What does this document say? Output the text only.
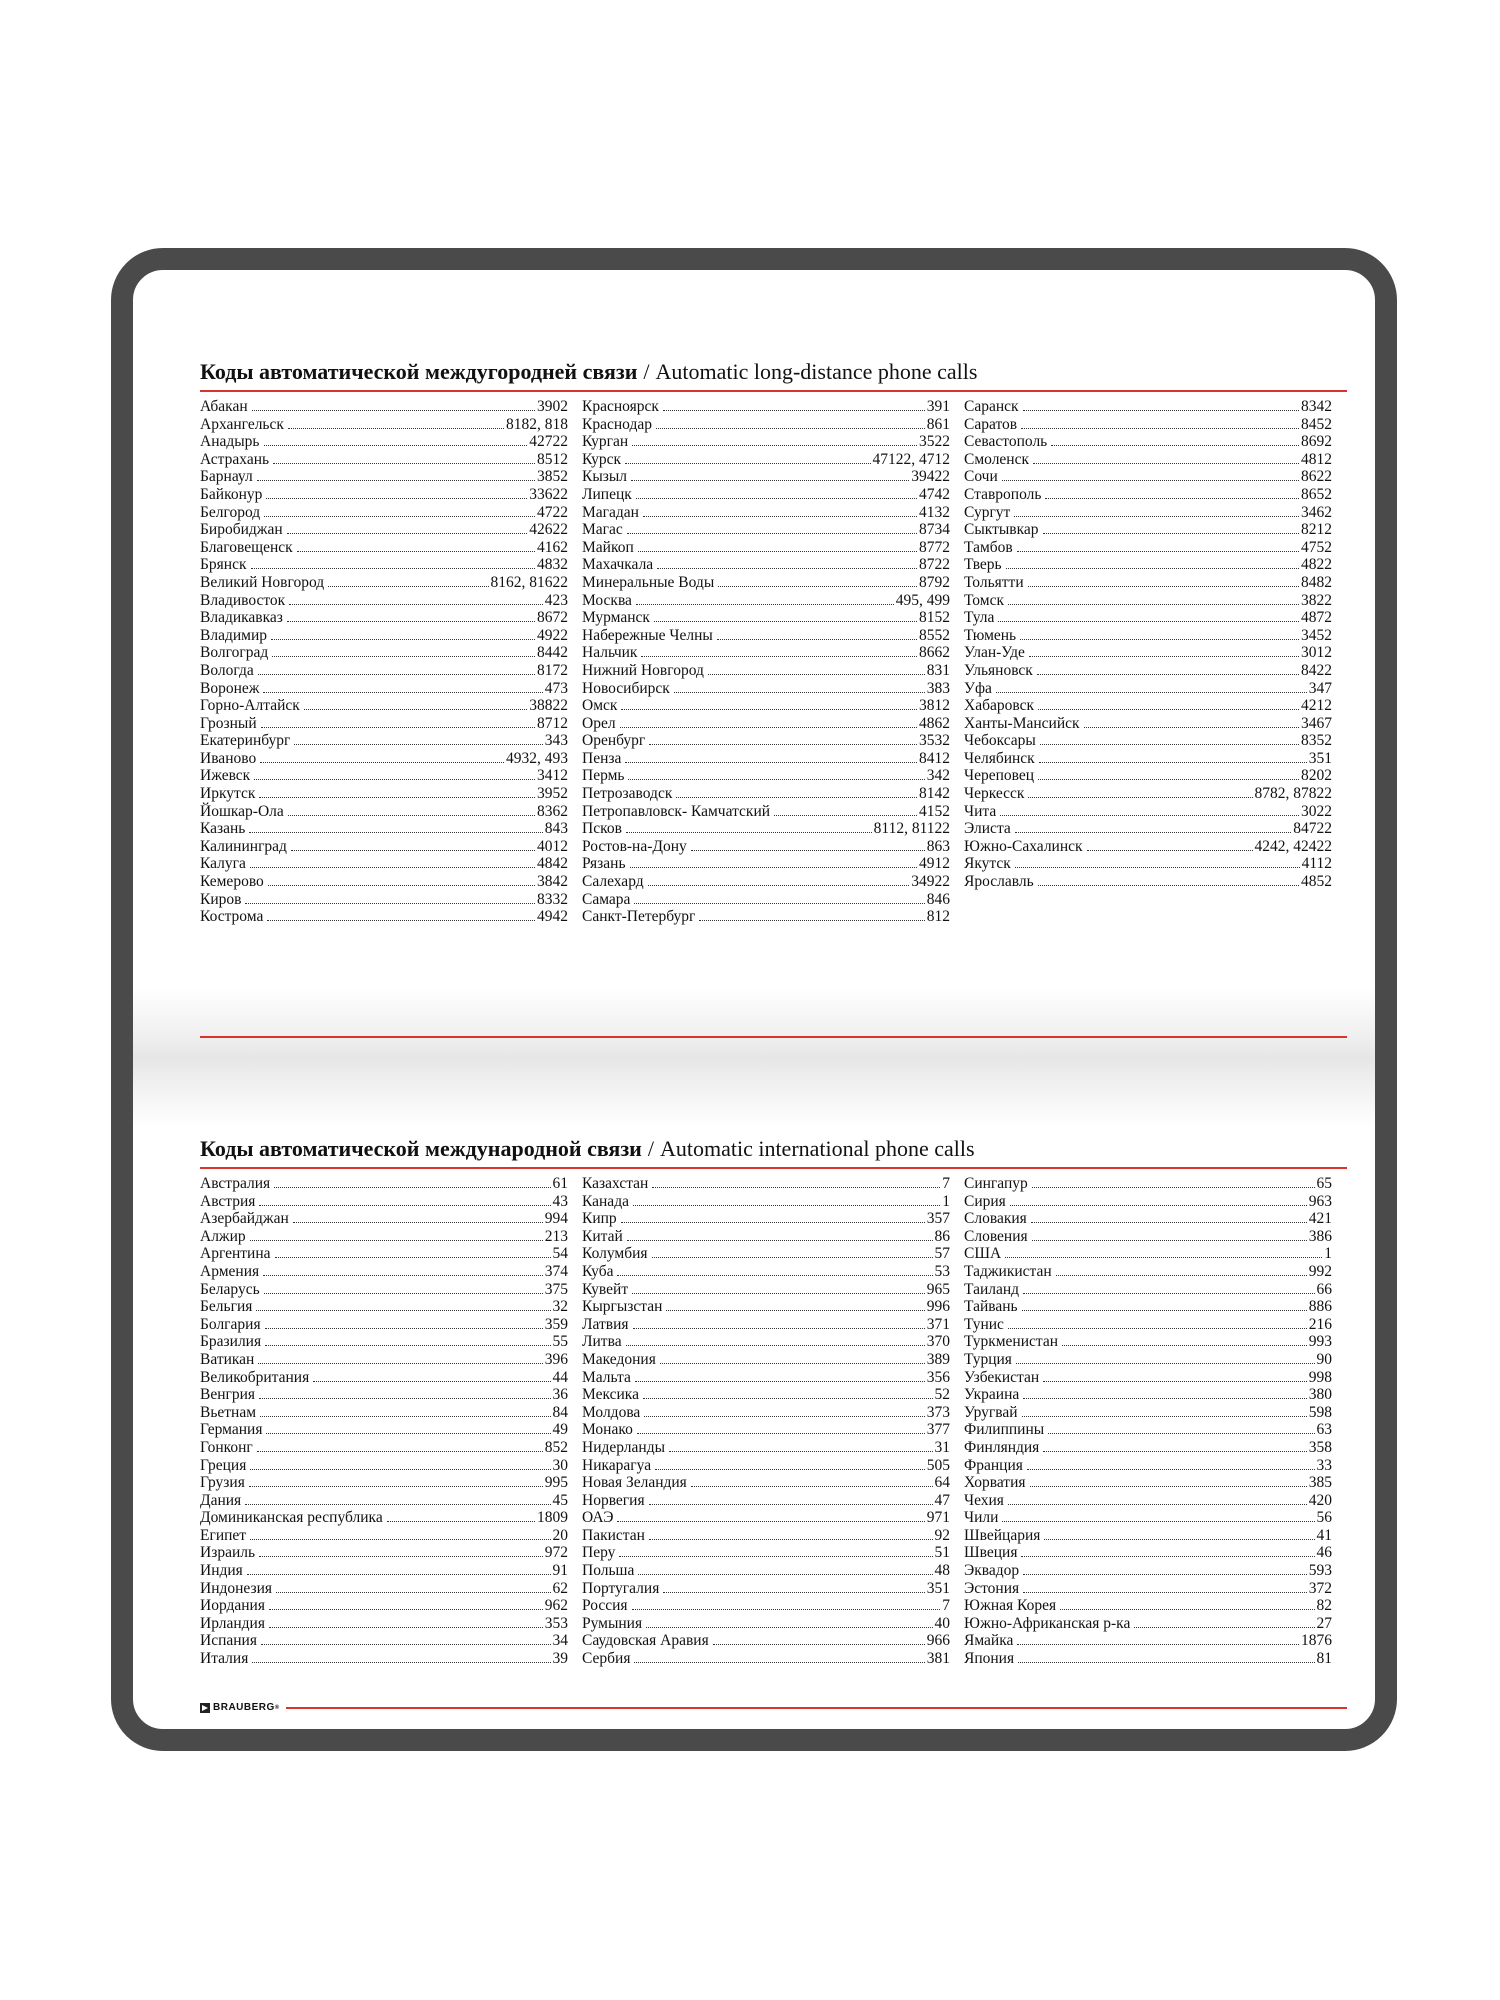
Коды автоматической междугородней связи / Automatic long-distance phone calls
Абакан	3902
Архангельск	8182, 818
Анадырь	42722
Астрахань	8512
Барнаул	3852
Байконур	33622
Белгород	4722
Биробиджан	42622
Благовещенск	4162
Брянск	4832
Великий Новгород	8162, 81622
Владивосток	423
Владикавказ	8672
Владимир	4922
Волгоград	8442
Вологда	8172
Воронеж	473
Горно-Алтайск	38822
Грозный	8712
Екатеринбург	343
Иваново	4932, 493
Ижевск	3412
Иркутск	3952
Йошкар-Ола	8362
Казань	843
Калининград	4012
Калуга	4842
Кемерово	3842
Киров	8332
Кострома	4942
Красноярск	391
Краснодар	861
Курган	3522
Курск	47122, 4712
Кызыл	39422
Липецк	4742
Магадан	4132
Магас	8734
Майкоп	8772
Махачкала	8722
Минеральные Воды	8792
Москва	495, 499
Мурманск	8152
Набережные Челны	8552
Нальчик	8662
Нижний Новгород	831
Новосибирск	383
Омск	3812
Орел	4862
Оренбург	3532
Пенза	8412
Пермь	342
Петрозаводск	8142
Петропавловск- Камчатский	4152
Псков	8112, 81122
Ростов-на-Дону	863
Рязань	4912
Салехард	34922
Самара	846
Санкт-Петербург	812
Саранск	8342
Саратов	8452
Севастополь	8692
Смоленск	4812
Сочи	8622
Ставрополь	8652
Сургут	3462
Сыктывкар	8212
Тамбов	4752
Тверь	4822
Тольятти	8482
Томск	3822
Тула	4872
Тюмень	3452
Улан-Уде	3012
Ульяновск	8422
Уфа	347
Хабаровск	4212
Ханты-Мансийск	3467
Чебоксары	8352
Челябинск	351
Череповец	8202
Черкесск	8782, 87822
Чита	3022
Элиста	84722
Южно-Сахалинск	4242, 42422
Якутск	4112
Ярославль	4852
Коды автоматической международной связи / Automatic international phone calls
Австралия	61
Австрия	43
Азербайджан	994
Алжир	213
Аргентина	54
Армения	374
Беларусь	375
Бельгия	32
Болгария	359
Бразилия	55
Ватикан	396
Великобритания	44
Венгрия	36
Вьетнам	84
Германия	49
Гонконг	852
Греция	30
Грузия	995
Дания	45
Доминиканская республика	1809
Египет	20
Израиль	972
Индия	91
Индонезия	62
Иордания	962
Ирландия	353
Испания	34
Италия	39
Казахстан	7
Канада	1
Кипр	357
Китай	86
Колумбия	57
Куба	53
Кувейт	965
Кыргызстан	996
Латвия	371
Литва	370
Македония	389
Мальта	356
Мексика	52
Молдова	373
Монако	377
Нидерланды	31
Никарагуа	505
Новая Зеландия	64
Норвегия	47
ОАЭ	971
Пакистан	92
Перу	51
Польша	48
Португалия	351
Россия	7
Румыния	40
Саудовская Аравия	966
Сербия	381
Сингапур	65
Сирия	963
Словакия	421
Словения	386
США	1
Таджикистан	992
Таиланд	66
Тайвань	886
Тунис	216
Туркменистан	993
Турция	90
Узбекистан	998
Украина	380
Уругвай	598
Филиппины	63
Финляндия	358
Франция	33
Хорватия	385
Чехия	420
Чили	56
Швейцария	41
Швеция	46
Эквадор	593
Эстония	372
Южная Корея	82
Южно-Африканская р-ка	27
Ямайка	1876
Япония	81
BRAUBERG ®
